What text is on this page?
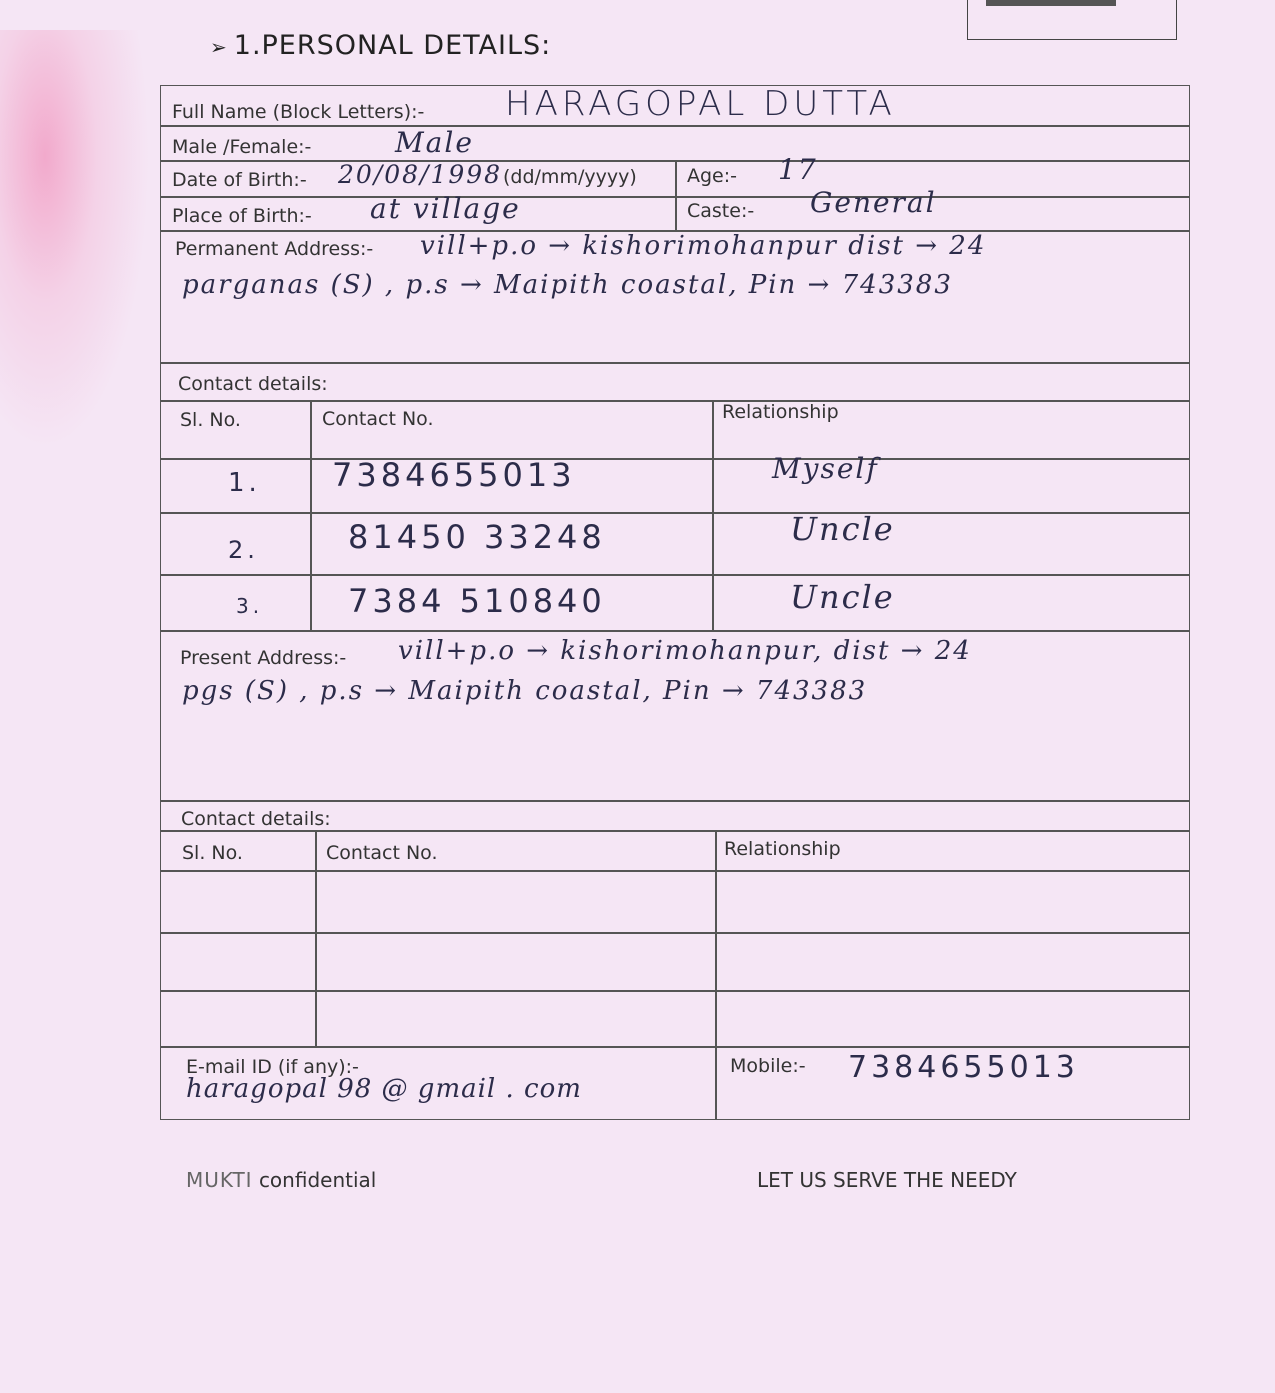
➢ 1.PERSONAL DETAILS:
Full Name (Block Letters):- HARAGOPAL DUTTA
Male /Female:-	Male
Date of Birth:- 20/08/1998 (dd/mm/yyyy)	Age:- 17
Place of Birth:- at village	Caste:- General
Permanent Address:- vill+p.o → kishorimohanpur dist → 24
parganas (S) , p.s → Maipith coastal, Pin → 743383
Contact details:
Sl. No.	Contact No.	Relationship
1. 7384655013	Myself
2.	81450 33248	Uncle
3.	7384 510840	Uncle
Present Address:- vill+p.o → kishorimohanpur, dist → 24
pgs (S) , p.s → Maipith coastal, Pin → 743383
Contact details:
Sl. No.	Contact No.	Relationship
E-mail ID (if any):-
haragopal 98 @ gmail . com
Mobile:- 7384655013
MUKTI confidential	LET US SERVE THE NEEDY
